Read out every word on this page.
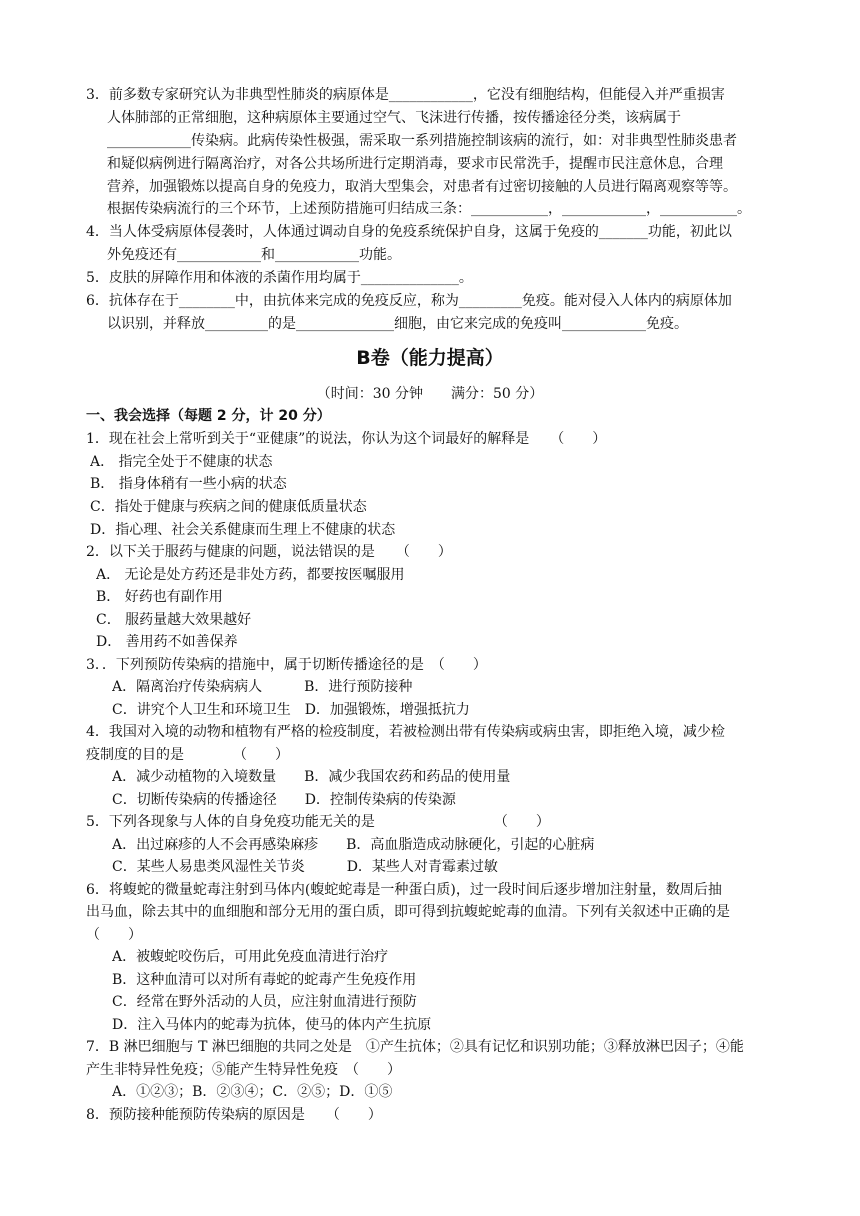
3．前多数专家研究认为非典型性肺炎的病原体是____________，它没有细胞结构，但能侵入并严重损害
人体肺部的正常细胞，这种病原体主要通过空气、飞沫进行传播，按传播途径分类，该病属于
____________传染病。此病传染性极强，需采取一系列措施控制该病的流行，如：对非典型性肺炎患者
和疑似病例进行隔离治疗，对各公共场所进行定期消毒，要求市民常洗手，提醒市民注意休息，合理
营养，加强锻炼以提高自身的免疫力，取消大型集会，对患者有过密切接触的人员进行隔离观察等等。
根据传染病流行的三个环节，上述预防措施可归结成三条：___________，____________，___________。
4．当人体受病原体侵袭时，人体通过调动自身的免疫系统保护自身，这属于免疫的_______功能，初此以
外免疫还有____________和____________功能。
5．皮肤的屏障作用和体液的杀菌作用均属于______________。
6．抗体存在于________中，由抗体来完成的免疫反应，称为_________免疫。能对侵入人体内的病原体加
以识别，并释放_________的是______________细胞，由它来完成的免疫叫____________免疫。
B卷（能力提高）
（时间：30 分钟　　满分：50 分）
一、我会选择（每题 2 分，计 20 分）
1．现在社会上常听到关于“亚健康”的说法，你认为这个词最好的解释是　　（　　）
A． 指完全处于不健康的状态
B． 指身体稍有一些小病的状态
C．指处于健康与疾病之间的健康低质量状态
D．指心理、社会关系健康而生理上不健康的状态
2．以下关于服药与健康的问题，说法错误的是　　（　　）
A． 无论是处方药还是非处方药，都要按医嘱服用
B． 好药也有副作用
C． 服药量越大效果越好
D． 善用药不如善保养
3．．下列预防传染病的措施中，属于切断传播途径的是　（　　）
A．隔离治疗传染病病人　　　B．进行预防接种
C．讲究个人卫生和环境卫生　D．加强锻炼，增强抵抗力
4．我国对入境的动物和植物有严格的检疫制度，若被检测出带有传染病或病虫害，即拒绝入境，减少检
疫制度的目的是　　　　（　　）
A．减少动植物的入境数量　　B．减少我国农药和药品的使用量
C．切断传染病的传播途径　　D．控制传染病的传染源
5．下列各现象与人体的自身免疫功能无关的是　　　　　　　　　（　　）
A．出过麻疹的人不会再感染麻疹　　B．高血脂造成动脉硬化，引起的心脏病
C．某些人易患类风湿性关节炎　　　D．某些人对青霉素过敏
6．将蝮蛇的微量蛇毒注射到马体内(蝮蛇蛇毒是一种蛋白质)，过一段时间后逐步增加注射量，数周后抽
出马血，除去其中的血细胞和部分无用的蛋白质，即可得到抗蝮蛇蛇毒的血清。下列有关叙述中正确的是
（　　）
A．被蝮蛇咬伤后，可用此免疫血清进行治疗
B．这种血清可以对所有毒蛇的蛇毒产生免疫作用
C．经常在野外活动的人员，应注射血清进行预防
D．注入马体内的蛇毒为抗体，使马的体内产生抗原
7．B 淋巴细胞与 T 淋巴细胞的共同之处是　①产生抗体；②具有记忆和识别功能；③释放淋巴因子；④能
产生非特异性免疫；⑤能产生特异性免疫　（　　）
A．①②③；B．②③④；C．②⑤；D．①⑤
8．预防接种能预防传染病的原因是　　（　　）
